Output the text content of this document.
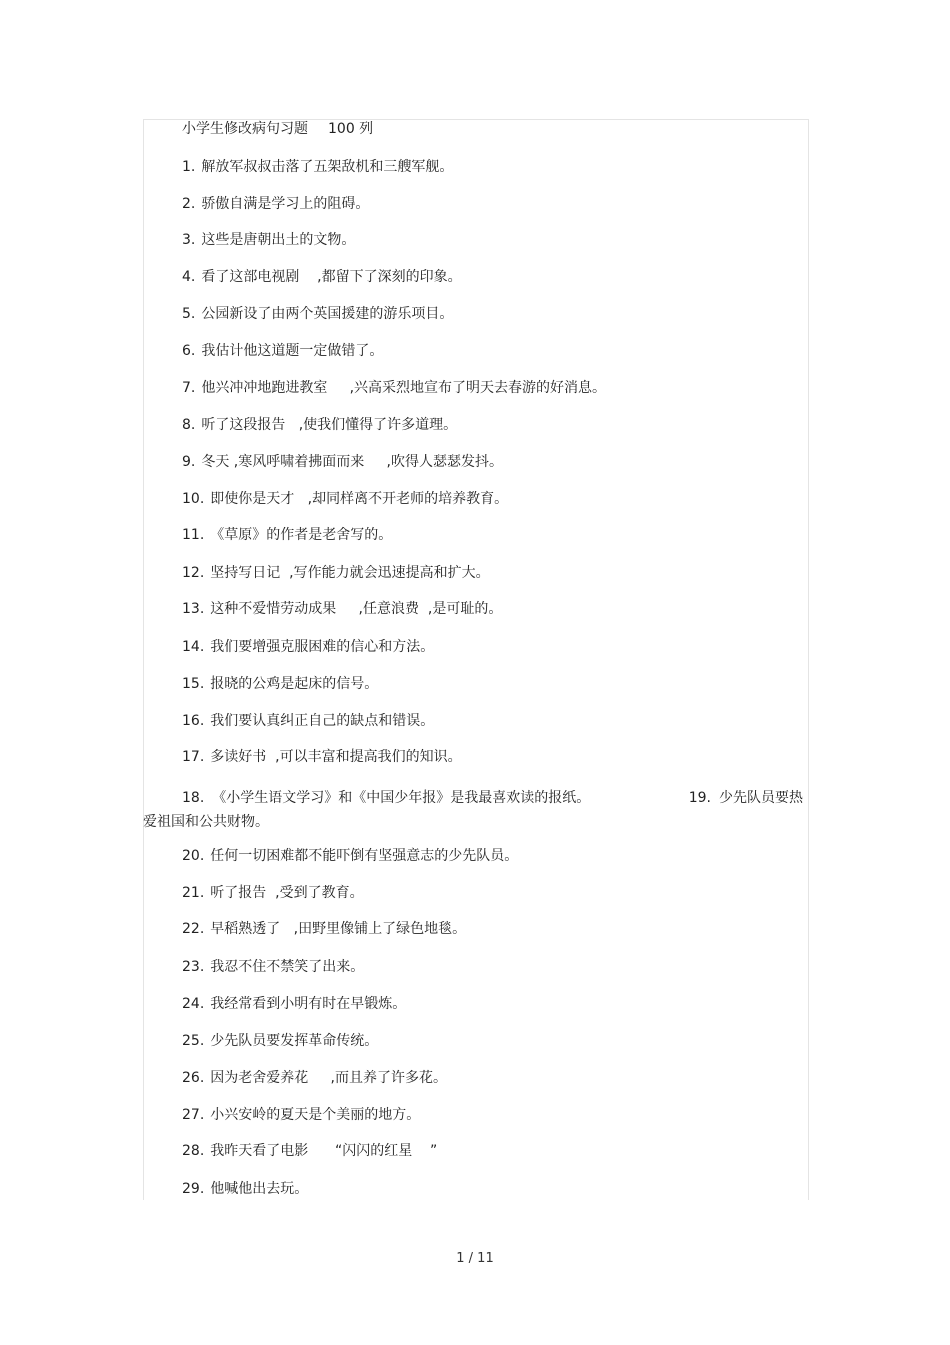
小学生修改病句习题 100 列
1. 解放军叔叔击落了五架敌机和三艘军舰。
2. 骄傲自满是学习上的阻碍。
3. 这些是唐朝出土的文物。
4. 看了这部电视剧    ,都留下了深刻的印象。
5. 公园新设了由两个英国援建的游乐项目。
6. 我估计他这道题一定做错了。
7. 他兴冲冲地跑进教室     ,兴高采烈地宣布了明天去春游的好消息。
8. 听了这段报告   ,使我们懂得了许多道理。
9. 冬天 ,寒风呼啸着拂面而来     ,吹得人瑟瑟发抖。
10. 即使你是天才   ,却同样离不开老师的培养教育。
11. 《草原》的作者是老舍写的。
12. 坚持写日记  ,写作能力就会迅速提高和扩大。
13. 这种不爱惜劳动成果     ,任意浪费  ,是可耻的。
14. 我们要增强克服困难的信心和方法。
15. 报晓的公鸡是起床的信号。
16. 我们要认真纠正自己的缺点和错误。
17. 多读好书  ,可以丰富和提高我们的知识。
18. 《小学生语文学习》和《中国少年报》是我最喜欢读的报纸。	19. 少先队员要热
爱祖国和公共财物。
20. 任何一切困难都不能吓倒有坚强意志的少先队员。
21. 听了报告  ,受到了教育。
22. 早稻熟透了   ,田野里像铺上了绿色地毯。
23. 我忍不住不禁笑了出来。
24. 我经常看到小明有时在早锻炼。
25. 少先队员要发挥革命传统。
26. 因为老舍爱养花     ,而且养了许多花。
27. 小兴安岭的夏天是个美丽的地方。
28. 我昨天看了电影      “闪闪的红星    ”
29. 他喊他出去玩。
1 / 11
